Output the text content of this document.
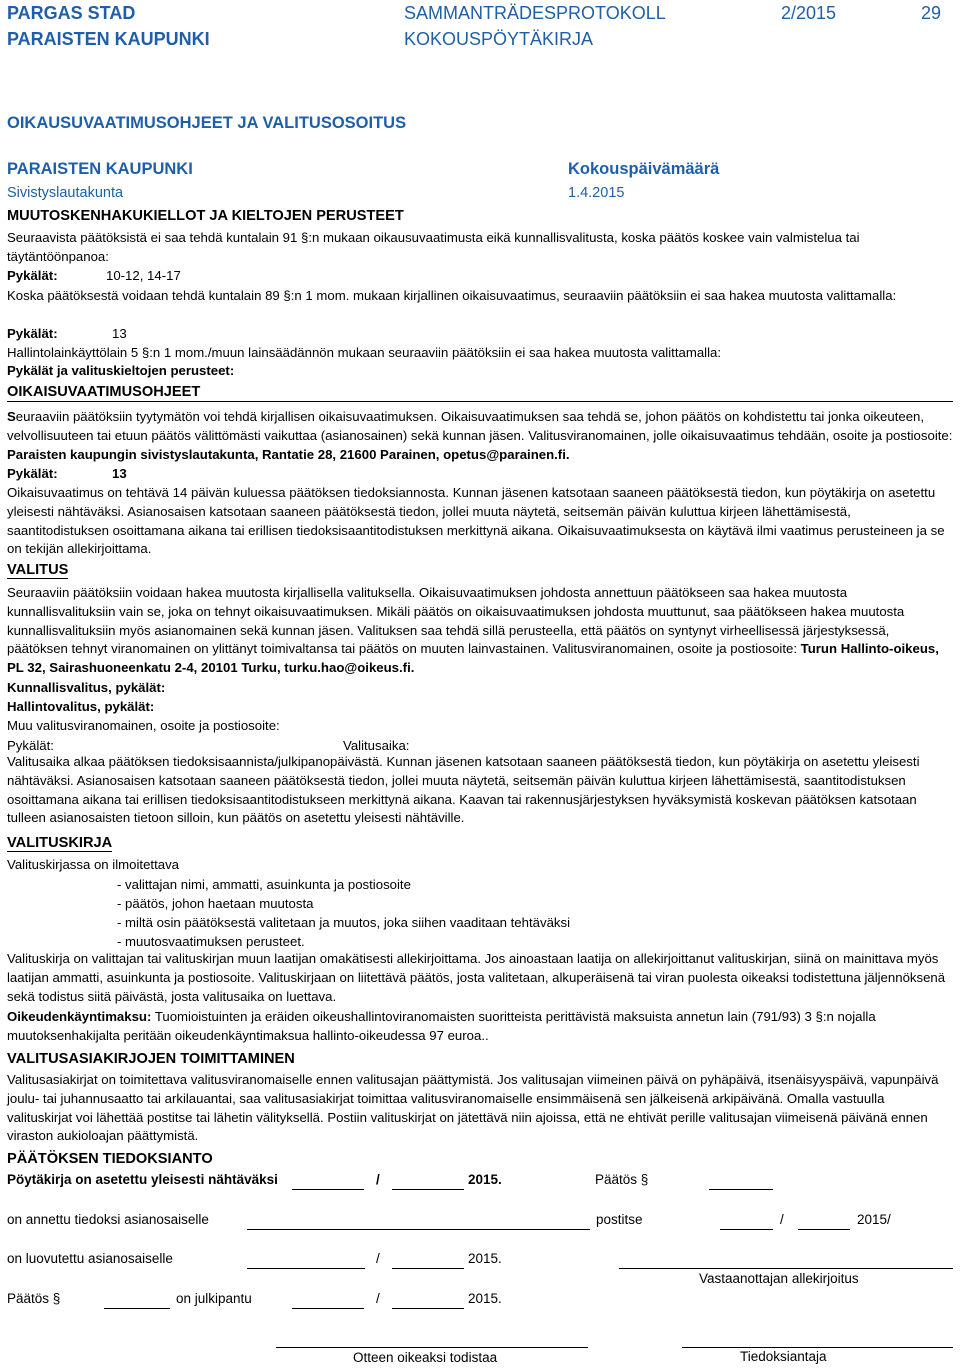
PARGAS STAD
PARAISTEN KAUPUNKI
SAMMANTRÄDESPROTOKOLL
KOKOUSPÖYTÄKIRJA
2/2015	29
OIKAUSUVAATIMUSOHJEET JA VALITUSOSOITUS
PARAISTEN KAUPUNKI	Kokouspäivämäärä
Sivistyslautakunta	1.4.2015
MUUTOSKENHAKUKIELLOT JA KIELTOJEN PERUSTEET
Seuraavista päätöksistä ei saa tehdä kuntalain 91 §:n mukaan oikausuvaatimusta eikä kunnallisvalitusta, koska päätös koskee vain valmistelua tai täytäntöönpanoa:
Pykälät:	10-12, 14-17
Koska päätöksestä voidaan tehdä kuntalain 89 §:n 1 mom. mukaan kirjallinen oikaisuvaatimus, seuraaviin päätöksiin ei saa hakea muutosta valittamalla:
Pykälät:	13
Hallintolainkäyttölain 5 §:n 1 mom./muun lainsäädännön mukaan seuraaviin päätöksiin ei saa hakea muutosta valittamalla:
Pykälät ja valituskieltojen perusteet:
OIKAISUVAATIMUSOHJEET
Seuraaviin päätöksiin tyytymätön voi tehdä kirjallisen oikaisuvaatimuksen. Oikaisuvaatimuksen saa tehdä se, johon päätös on kohdistettu tai jonka oikeuteen, velvollisuuteen tai etuun päätös välittömästi vaikuttaa (asianosainen) sekä kunnan jäsen. Valitusviranomainen, jolle oikaisuvaatimus tehdään, osoite ja postiosoite: Paraisten kaupungin sivistyslautakunta, Rantatie 28, 21600 Parainen, opetus@parainen.fi.
Pykälät:	13
Oikaisuvaatimus on tehtävä 14 päivän kuluessa päätöksen tiedoksiannosta. Kunnan jäsenen katsotaan saaneen päätöksestä tiedon, kun pöytäkirja on asetettu yleisesti nähtäväksi. Asianosaisen katsotaan saaneen päätöksestä tiedon, jollei muuta näytetä, seitsemän päivän kuluttua kirjeen lähettämisestä, saantitodistuksen osoittamana aikana tai erillisen tiedoksisaantitodistuksen merkittynä aikana. Oikaisuvaatimuksesta on käytävä ilmi vaatimus perusteineen ja se on tekijän allekirjoittama.
VALITUS
Seuraaviin päätöksiin voidaan hakea muutosta kirjallisella valituksella. Oikaisuvaatimuksen johdosta annettuun päätökseen saa hakea muutosta kunnallisvalituksiin vain se, joka on tehnyt oikaisuvaatimuksen. Mikäli päätös on oikaisuvaatimuksen johdosta muuttunut, saa päätökseen hakea muutosta kunnallisvalituksiin myös asianomainen sekä kunnan jäsen. Valituksen saa tehdä sillä perusteella, että päätös on syntynyt virheellisessä järjestyksessä, päätöksen tehnyt viranomainen on ylittänyt toimivaltansa tai päätös on muuten lainvastainen. Valitusviranomainen, osoite ja postiosoite: Turun Hallinto-oikeus, PL 32, Sairashuoneenkatu 2-4, 20101 Turku, turku.hao@oikeus.fi.
Kunnallisvalitus, pykälät:
Hallintovalitus, pykälät:
Muu valitusviranomainen, osoite ja postiosoite:
Pykälät:	Valitusaika:
Valitusaika alkaa päätöksen tiedoksisaannista/julkipanopäivästä. Kunnan jäsenen katsotaan saaneen päätöksestä tiedon, kun pöytäkirja on asetettu yleisesti nähtäväksi. Asianosaisen katsotaan saaneen päätöksestä tiedon, jollei muuta näytetä, seitsemän päivän kuluttua kirjeen lähettämisestä, saantitodistuksen osoittamana aikana tai erillisen tiedoksisaantitodistukseen merkittynä aikana. Kaavan tai rakennusjärjestyksen hyväksymistä koskevan päätöksen katsotaan tulleen asianosaisten tietoon silloin, kun päätös on asetettu yleisesti nähtäville.
VALITUSKIRJA
Valituskirjassa on ilmoitettava
- valittajan nimi, ammatti, asuinkunta ja postiosoite
- päätös, johon haetaan muutosta
- miltä osin päätöksestä valitetaan ja muutos, joka siihen vaaditaan tehtäväksi
- muutosvaatimuksen perusteet.
Valituskirja on valittajan tai valituskirjan muun laatijan omakätisesti allekirjoittama. Jos ainoastaan laatija on allekirjoittanut valituskirjan, siinä on mainittava myös laatijan ammatti, asuinkunta ja postiosoite. Valituskirjaan on liitettävä päätös, josta valitetaan, alkuperäisenä tai viran puolesta oikeaksi todistettuna jäljennöksenä sekä todistus siitä päivästä, josta valitusaika on luettava.
Oikeudenkäyntimaksu: Tuomioistuinten ja eräiden oikeushallintoviranomaisten suoritteista perittävistä maksuista annetun lain (791/93) 3 §:n nojalla muutoksenhakijalta peritään oikeudenkäyntimaksua hallinto-oikeudessa 97 euroa..
VALITUSASIAKIRJOJEN TOIMITTAMINEN
Valitusasiakirjat on toimitettava valitusviranomaiselle ennen valitusajan päättymistä. Jos valitusajan viimeinen päivä on pyhäpäivä, itsenäisyyspäivä, vapunpäivä joulu- tai juhannusaatto tai arkilauantai, saa valitusasiakirjat toimittaa valitusviranomaiselle ensimmäisenä sen jälkeisenä arkipäivänä. Omalla vastuulla valituskirjat voi lähettää postitse tai lähetin välityksellä. Postiin valituskirjat on jätettävä niin ajoissa, että ne ehtivät perille valitusajan viimeisenä päivänä ennen viraston aukioloajan päättymistä.
PÄÄTÖKSEN TIEDOKSIANTO
Pöytäkirja on asetettu yleisesti nähtäväksi	/	2015.	Päätös §
on annettu tiedoksi asianosaiselle	postitse	/	2015/
on luovutettu asianosaiselle	/	2015.
Vastaanottajan allekirjoitus
Päätös §	on julkipantu	/	2015.
Otteen oikeaksi todistaa	Tiedoksiantaja
